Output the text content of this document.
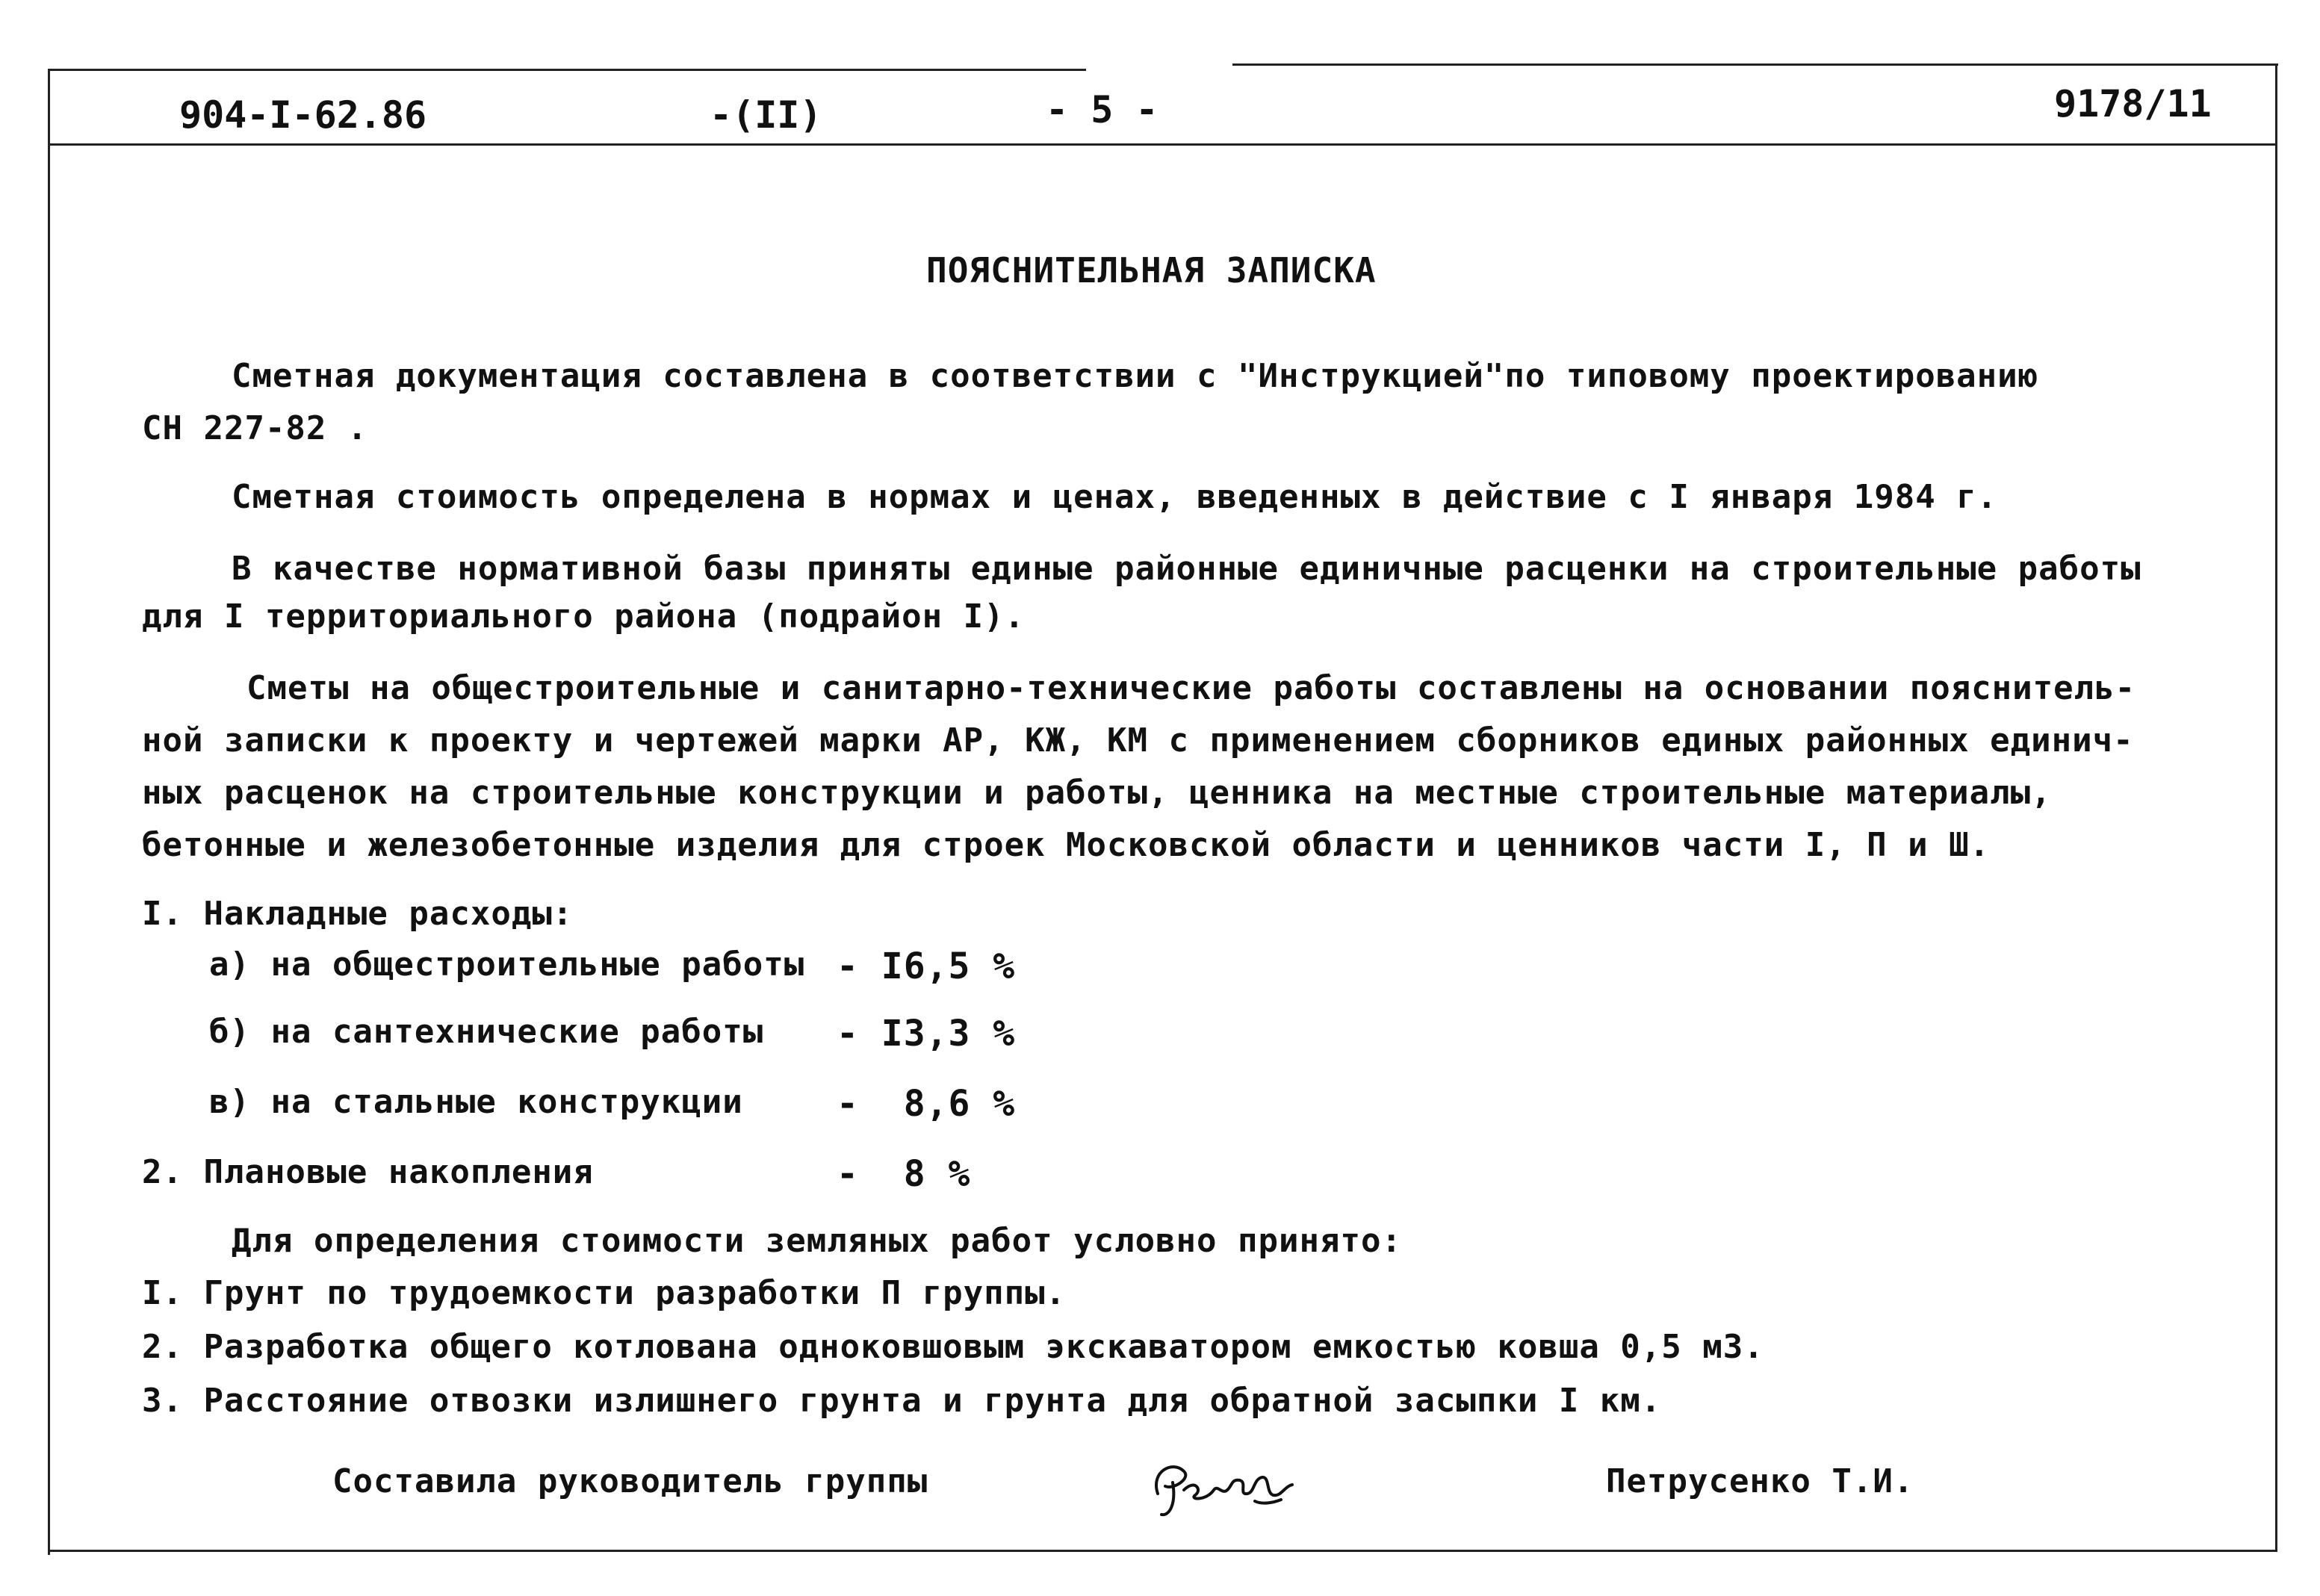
904-I-62.86	-(II)	- 5 -	9178/11
ПОЯСНИТЕЛЬНАЯ ЗАПИСКА
Сметная документация составлена в соответствии с "Инструкцией"по типовому проектированию
СН 227-82 .
Сметная стоимость определена в нормах и ценах, введенных в действие с I января 1984 г.
В качестве нормативной базы приняты единые районные единичные расценки на строительные работы
для I территориального района (подрайон I).
Сметы на общестроительные и санитарно-технические работы составлены на основании пояснитель-
ной записки к проекту и чертежей марки АР, КЖ, КМ с применением сборников единых районных единич-
ных расценок на строительные конструкции и работы, ценника на местные строительные материалы,
бетонные и железобетонные изделия для строек Московской области и ценников части I, П и Ш.
I. Накладные расходы:
а) на общестроительные работы - I6,5 %
б) на сантехнические работы - I3,3 %
в) на стальные конструкции	-  8,6 %
2. Плановые накопления	-  8 %
Для определения стоимости земляных работ условно принято:
I. Грунт по трудоемкости разработки П группы.
2. Разработка общего котлована одноковшовым экскаватором емкостью ковша 0,5 м3.
3. Расстояние отвозки излишнего грунта и грунта для обратной засыпки I км.
Составила руководитель группы	Петрусенко Т.И.
